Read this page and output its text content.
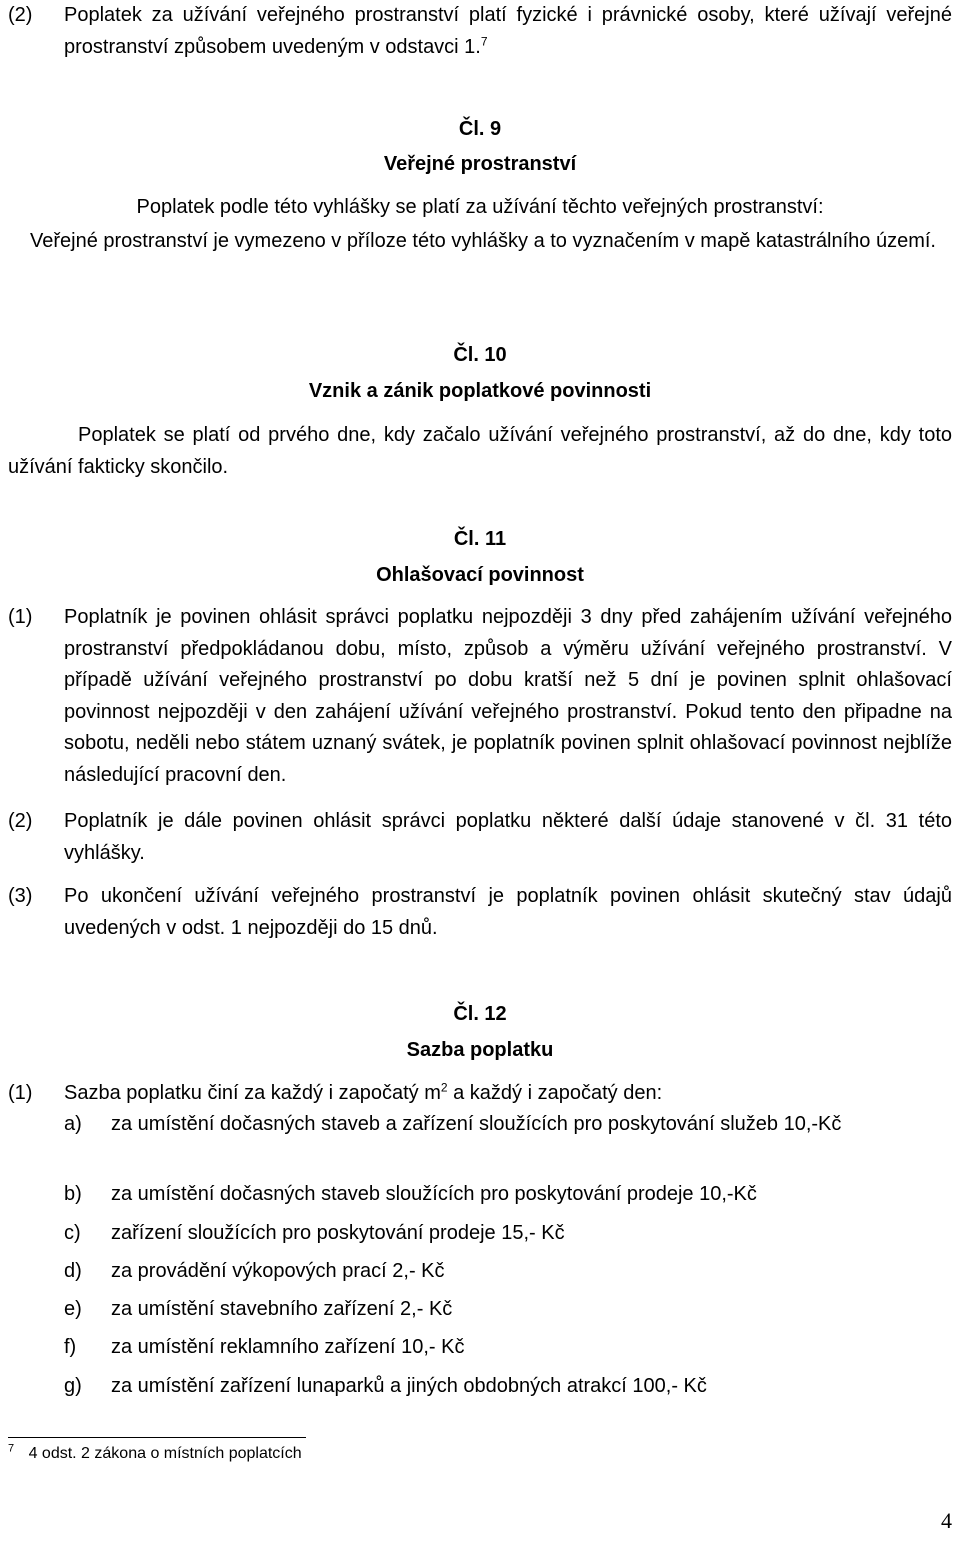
(2) Poplatek za užívání veřejného prostranství platí fyzické i právnické osoby, které užívají veřejné prostranství způsobem uvedeným v odstavci 1.$^7$
Čl. 9
Veřejné prostranství
Poplatek podle této vyhlášky se platí za užívání těchto veřejných prostranství:
Veřejné prostranství je vymezeno v příloze této vyhlášky a to vyznačením v mapě katastrálního území.
Čl. 10
Vznik a zánik poplatkové povinnosti
Poplatek se platí od prvého dne, kdy začalo užívání veřejného prostranství, až do dne, kdy toto užívání fakticky skončilo.
Čl. 11
Ohlašovací povinnost
(1) Poplatník je povinen ohlásit správci poplatku nejpozději 3 dny před zahájením užívání veřejného prostranství předpokládanou dobu, místo, způsob a výměru užívání veřejného prostranství. V případě užívání veřejného prostranství po dobu kratší než 5 dní je povinen splnit ohlašovací povinnost nejpozději v den zahájení užívání veřejného prostranství. Pokud tento den připadne na sobotu, neděli nebo státem uznaný svátek, je poplatník povinen splnit ohlašovací povinnost nejblíže následující pracovní den.
(2) Poplatník je dále povinen ohlásit správci poplatku některé další údaje stanovené v čl. 31 této vyhlášky.
(3) Po ukončení užívání veřejného prostranství je poplatník povinen ohlásit skutečný stav údajů uvedených v odst. 1 nejpozději do 15 dnů.
Čl. 12
Sazba poplatku
(1) Sazba poplatku činí za každý i započatý $m^2$ a každý i započatý den:
a) za umístění dočasných staveb a zařízení sloužících pro poskytování služeb 10,-Kč
b) za umístění dočasných staveb sloužících pro poskytování prodeje 10,-Kč
c) zařízení sloužících pro poskytování prodeje 15,- Kč
d) za provádění výkopových prací 2,- Kč
e) za umístění stavebního zařízení 2,- Kč
f) za umístění reklamního zařízení 10,- Kč
g) za umístění zařízení lunaparků a jiných obdobných atrakcí 100,- Kč
$^7$ 4 odst. 2 zákona o místních poplatcích
4
